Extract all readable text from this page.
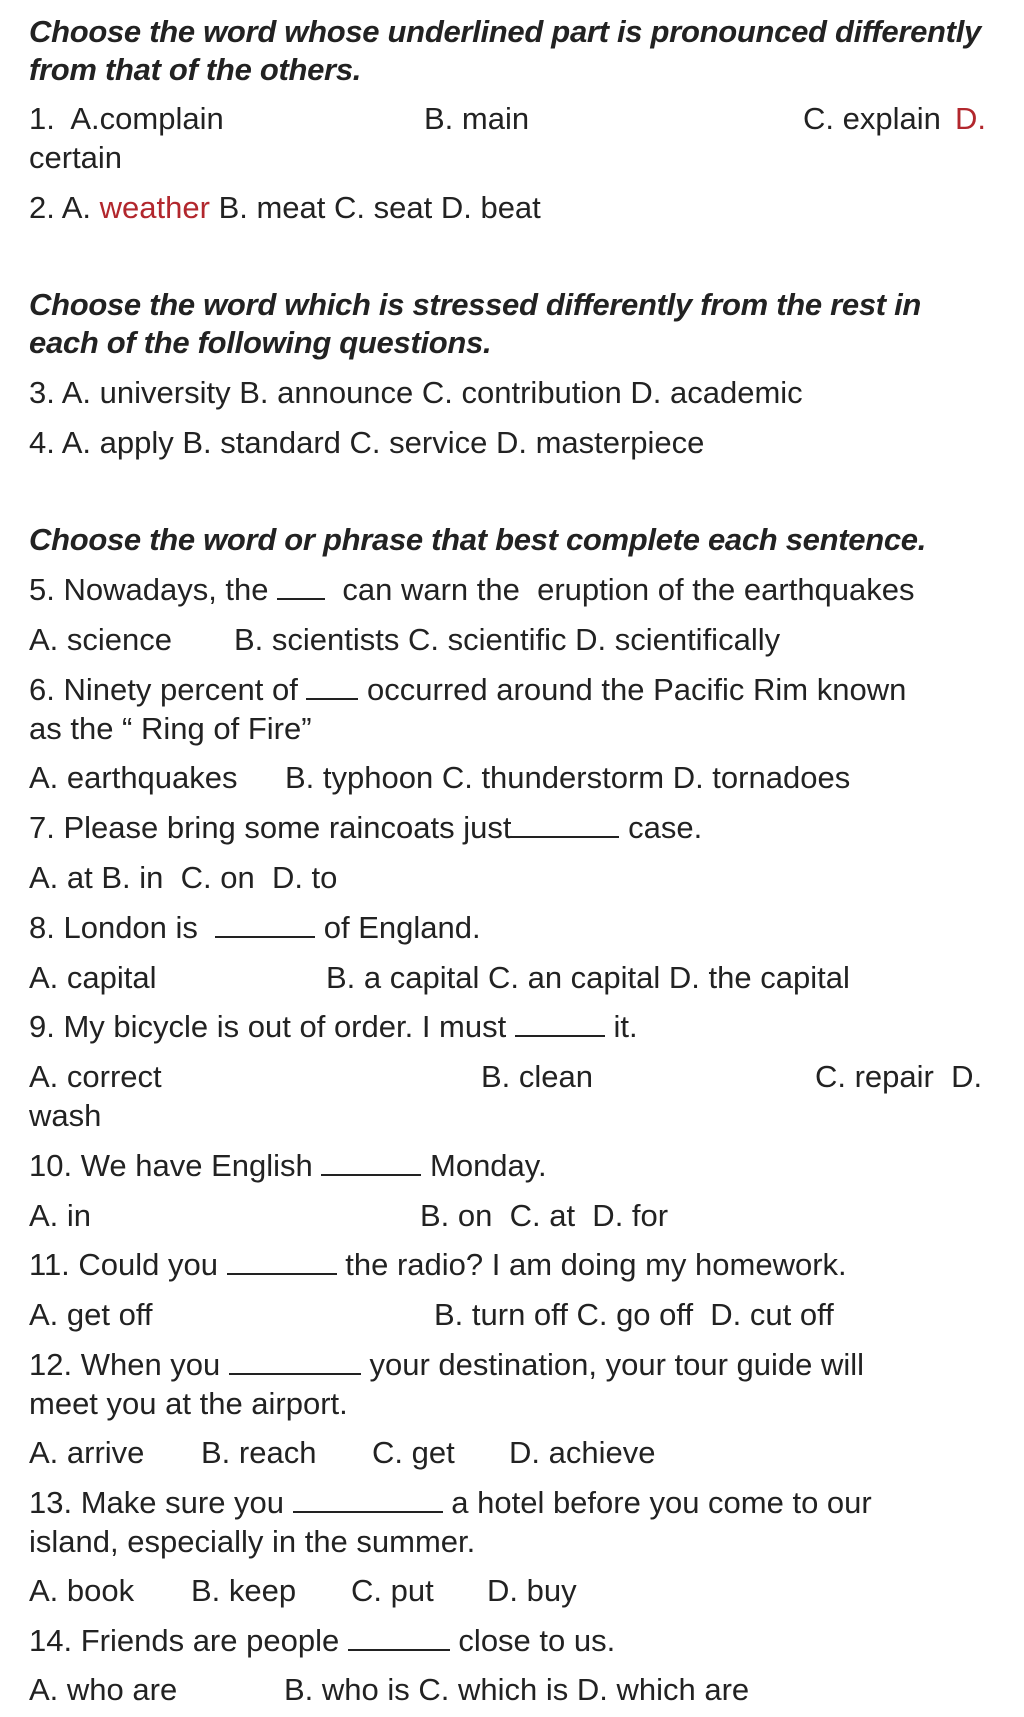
Choose the word whose underlined part is pronounced differently
from that of the others.
1.  A.complain	B. main	C. explain D.
certain
2. A. weather B. meat C. seat D. beat
Choose the word which is stressed differently from the rest in
each of the following questions.
3. A. university B. announce C. contribution D. academic
4. A. apply B. standard C. service D. masterpiece
Choose the word or phrase that best complete each sentence.
5. Nowadays, the   can warn the  eruption of the earthquakes
A. science B. scientists C. scientific D. scientifically
6. Ninety percent of  occurred around the Pacific Rim known
as the “ Ring of Fire”
A. earthquakes B. typhoon C. thunderstorm D. tornadoes
7. Please bring some raincoats just	case.
A. at B. in  C. on  D. to
8. London is	of England.
A. capital	B. a capital C. an capital D. the capital
9. My bicycle is out of order. I must	it.
A. correct	B. clean	C. repair  D.
wash
10. We have English	Monday.
A. in	B. on  C. at  D. for
11. Could you	the radio? I am doing my homework.
A. get off	B. turn off C. go off  D. cut off
12. When you	your destination, your tour guide will
meet you at the airport.
A. arrive B. reach C. get D. achieve
13. Make sure you	a hotel before you come to our
island, especially in the summer.
A. book B. keep C. put D. buy
14. Friends are people	close to us.
A. who are	B. who is C. which is D. which are
